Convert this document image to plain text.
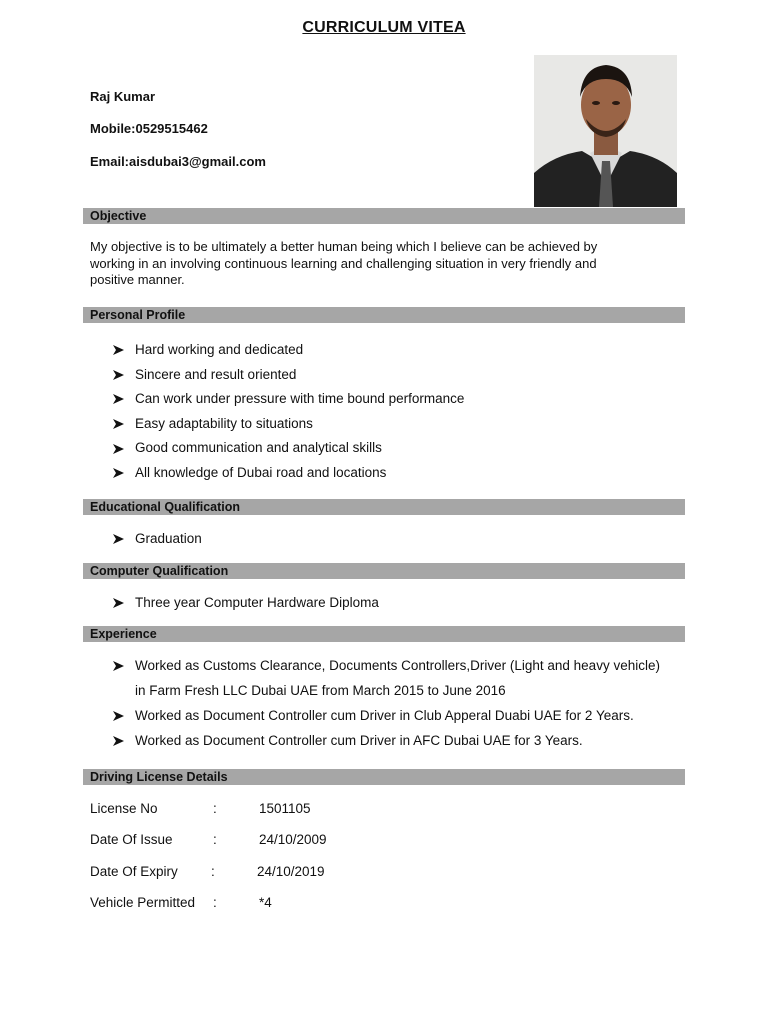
CURRICULUM VITEA
Raj Kumar
Mobile:0529515462
Email:aisdubai3@gmail.com
Objective
My objective is to be ultimately a better human being which I believe can be achieved by
working in an involving continuous learning and challenging situation in very friendly and
positive manner.
Personal Profile
Hard working and dedicated
Sincere and result oriented
Can work under pressure with time bound performance
Easy adaptability to situations
Good communication and analytical skills
All knowledge of Dubai road and locations
Educational Qualification
Graduation
Computer Qualification
Three year Computer Hardware Diploma
Experience
Worked as Customs Clearance, Documents Controllers,Driver (Light and heavy vehicle)
in Farm Fresh LLC Dubai UAE from March 2015 to June 2016
Worked as Document Controller cum Driver in Club Apperal Duabi UAE for 2 Years.
Worked as Document Controller cum Driver in AFC Dubai UAE for 3 Years.
Driving License Details
License No	:	1501105
Date Of Issue	:	24/10/2009
Date Of Expiry :	24/10/2019
Vehicle Permitted :	*4
